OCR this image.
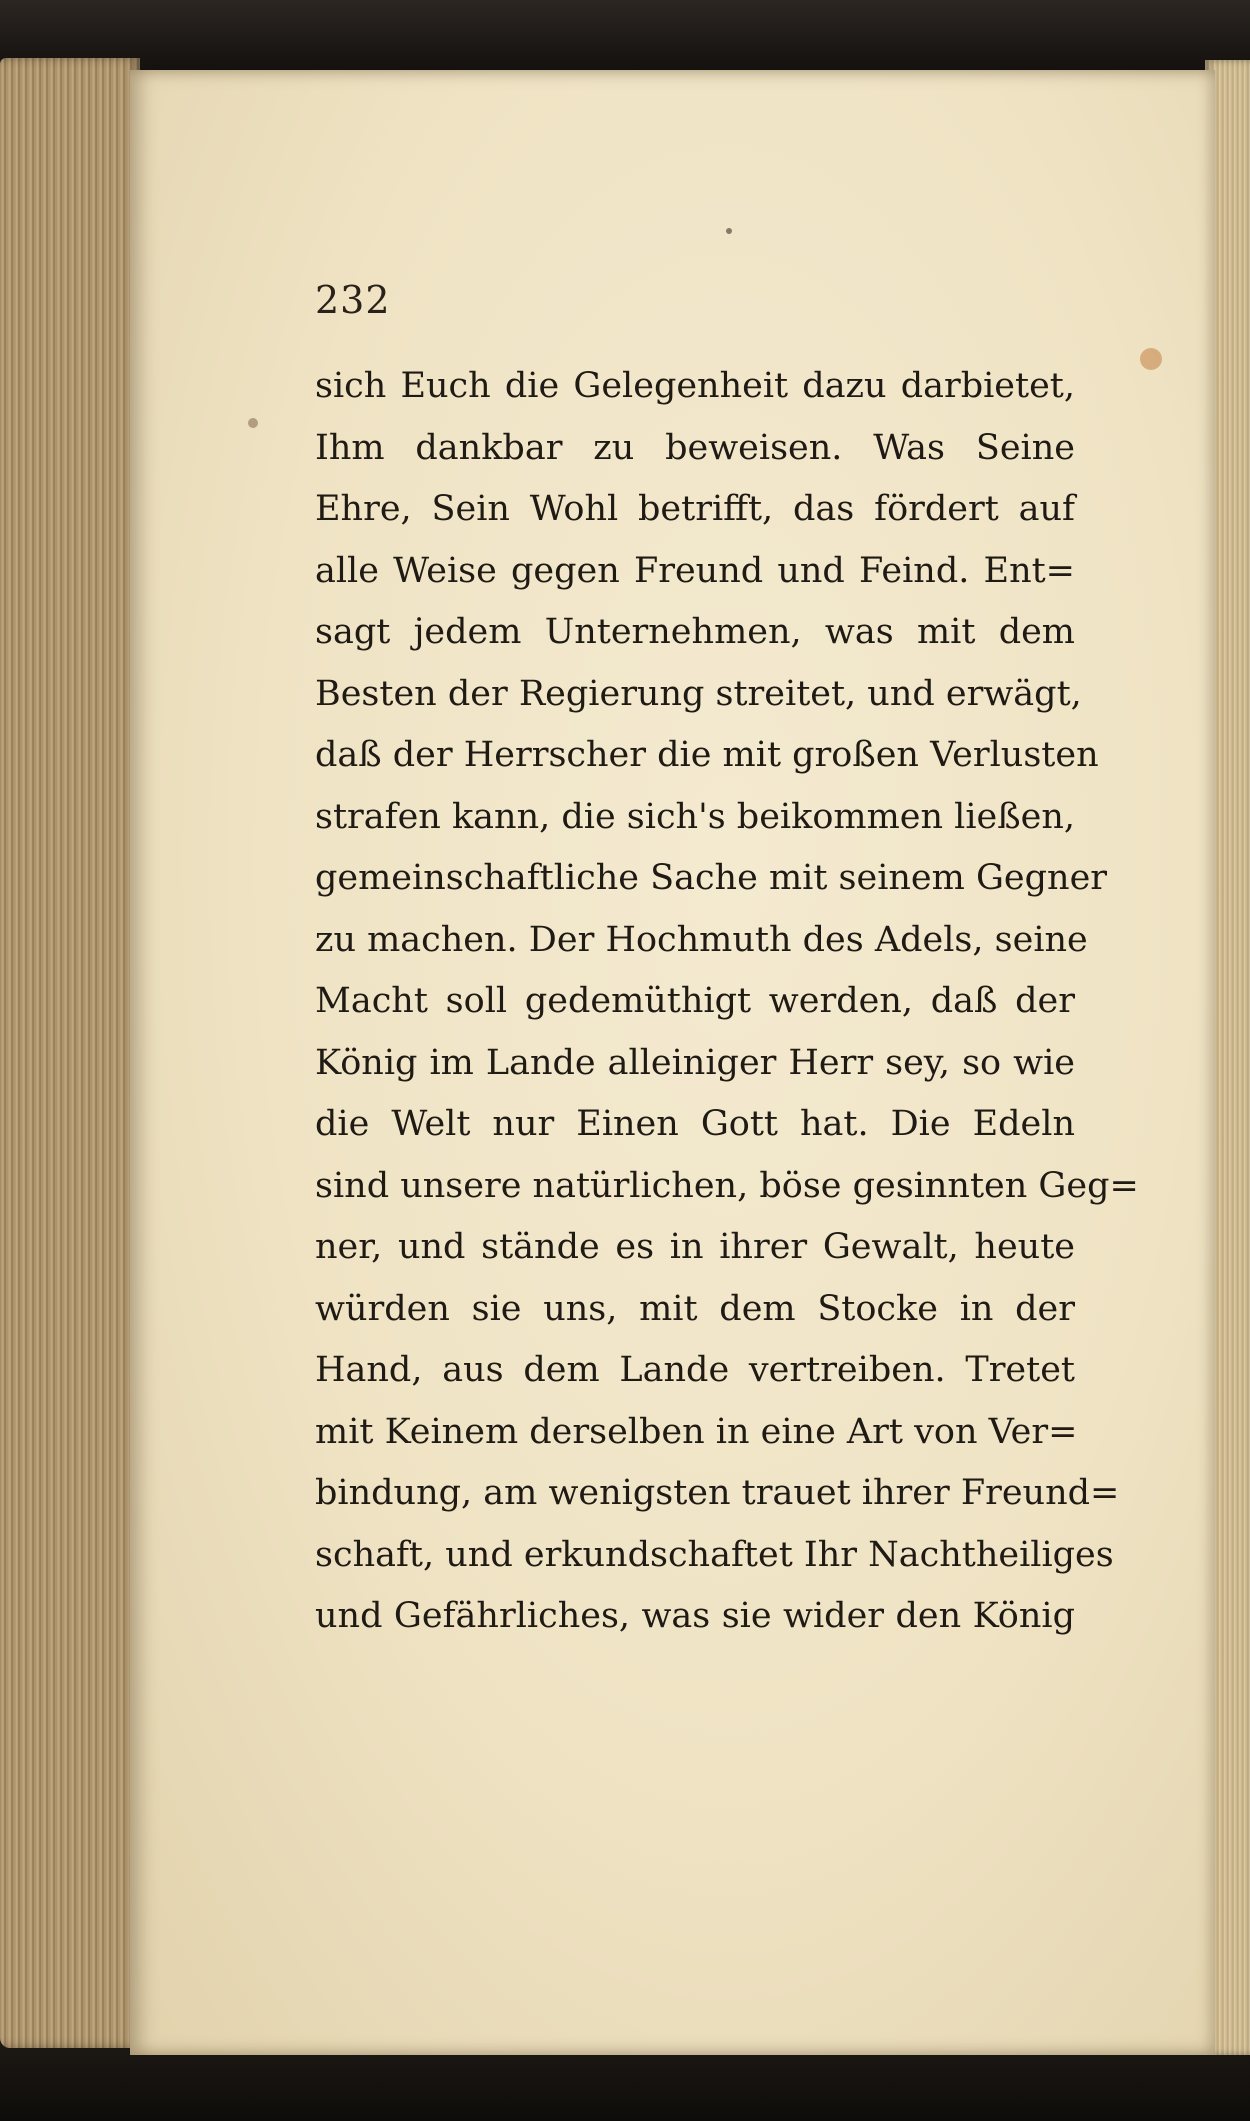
232
sich Euch die Gelegenheit dazu darbietet,
Ihm dankbar zu beweisen. Was Seine
Ehre, Sein Wohl betrifft, das fördert auf
alle Weise gegen Freund und Feind. Ent=
sagt jedem Unternehmen, was mit dem
Besten der Regierung streitet, und erwägt,
daß der Herrscher die mit großen Verlusten
strafen kann, die sich's beikommen ließen,
gemeinschaftliche Sache mit seinem Gegner
zu machen. Der Hochmuth des Adels, seine
Macht soll gedemüthigt werden, daß der
König im Lande alleiniger Herr sey, so wie
die Welt nur Einen Gott hat. Die Edeln
sind unsere natürlichen, böse gesinnten Geg=
ner, und stände es in ihrer Gewalt, heute
würden sie uns, mit dem Stocke in der
Hand, aus dem Lande vertreiben. Tretet
mit Keinem derselben in eine Art von Ver=
bindung, am wenigsten trauet ihrer Freund=
schaft, und erkundschaftet Ihr Nachtheiliges
und Gefährliches, was sie wider den König
